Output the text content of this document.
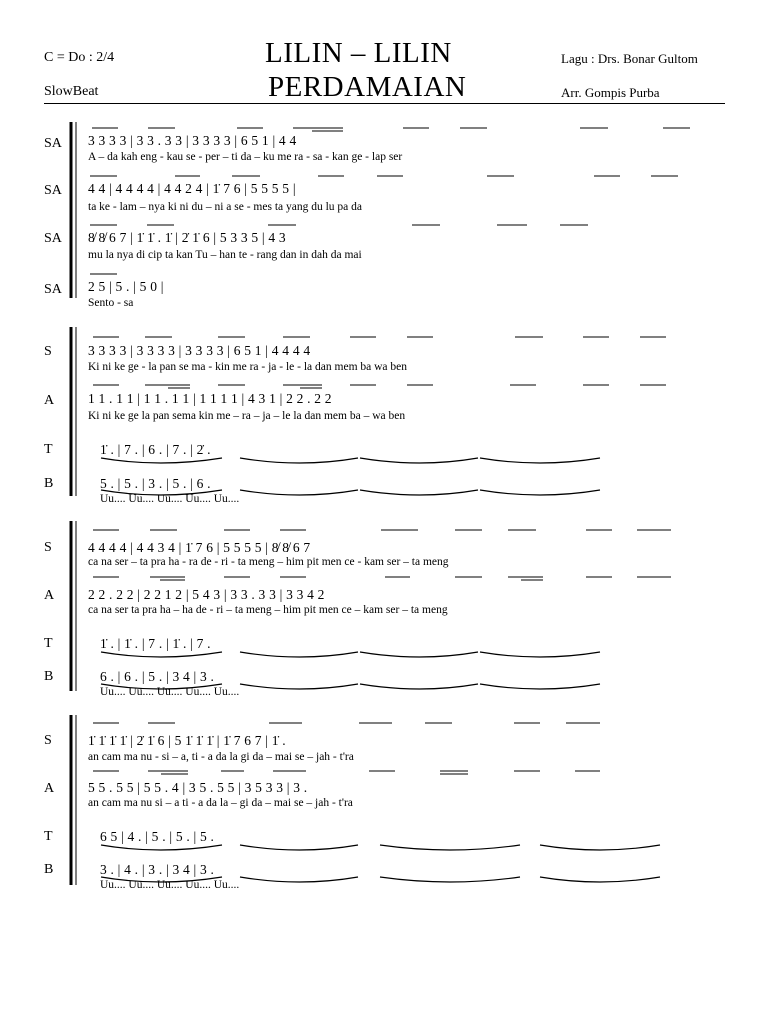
C = Do : 2/4
SlowBeat
LILIN – LILIN
PERDAMAIAN
Lagu : Drs. Bonar Gultom
Arr. Gompis Purba
SA 3 3 3 3 | 3 3 . 3 3 | 3 3 3 3 | 6 5 1 | 4 4
A – da kah eng - kau se - per – ti da – ku me ra - sa - kan ge - lap ser
SA 4 4 | 4 4 4 4 | 4 4 2 4 | 1̇ 7 6 | 5 5 5 5 |
ta ke - lam – nya ki ni du – ni a se - mes ta yang du lu pa da
SA 8̸ 8̸ 6 7 | 1̇ 1̇ . 1̇ | 2̇ 1̇ 6 | 5 3 3 5 | 4 3
mu la nya di cip ta kan Tu – han te - rang dan in dah da mai
SA 2 5 | 5 . | 5 0 |
Sento - sa
S	3 3 3 3 | 3 3 3 3 | 3 3 3 3 | 6 5 1 | 4 4 4 4
Ki ni ke ge - la pan se ma - kin me ra - ja - le - la dan mem ba wa ben
A	1 1 . 1 1 | 1 1 . 1 1 | 1 1 1 1 | 4 3 1 | 2 2 . 2 2
Ki ni ke ge la pan sema kin me – ra – ja – le la dan mem ba – wa ben
T	1̇ . | 7 . | 6 . | 7 . | 2̇ .
B	5 . | 5 . | 3 . | 5 . | 6 .
Uu.... Uu.... Uu.... Uu.... Uu....
S	4 4 4 4 | 4 4 3 4 | 1̇ 7 6 | 5 5 5 5 | 8̸ 8̸ 6 7
ca na ser – ta pra ha - ra de - ri - ta meng – him pit men ce - kam ser – ta meng
A	2 2 . 2 2 | 2 2 1 2 | 5 4 3 | 3 3 . 3 3 | 3 3 4 2
ca na ser ta pra ha – ha de - ri – ta meng – him pit men ce – kam ser – ta meng
T	1̇ . | 1̇ . | 7 . | 1̇ . | 7 .
B	6 . | 6 . | 5 . | 3 4 | 3 .
Uu.... Uu.... Uu.... Uu.... Uu....
S	1̇ 1̇ 1̇ 1̇ | 2̇ 1̇ 6 | 5 1̇ 1̇ 1̇ | 1̇ 7 6 7 | 1̇ .
an cam ma nu - si – a, ti - a da la gi da – mai se – jah - t'ra
A	5 5 . 5 5 | 5 5 . 4 | 3 5 . 5 5 | 3 5 3 3 | 3 .
an cam ma nu si – a ti - a da la – gi da – mai se – jah - t'ra
T	6 5 | 4 . | 5 . | 5 . | 5 .
B	3 . | 4 . | 3 . | 3 4 | 3 .
Uu.... Uu.... Uu.... Uu.... Uu....
